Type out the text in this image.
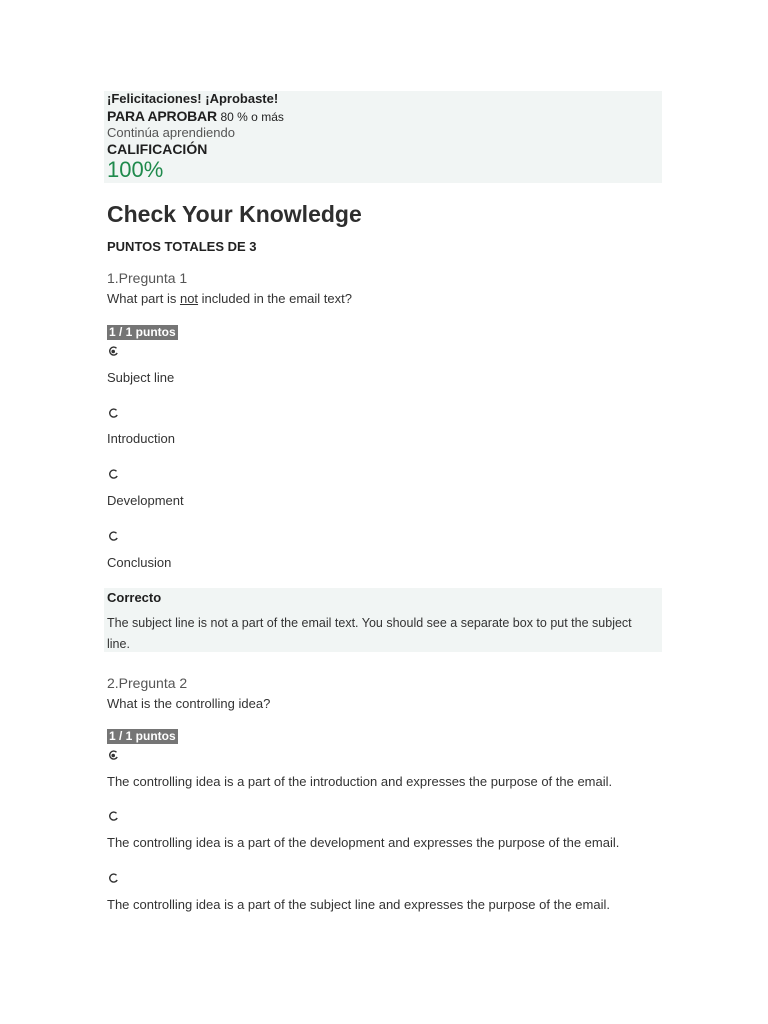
¡Felicitaciones! ¡Aprobaste!
PARA APROBAR 80 % o más
Continúa aprendiendo
CALIFICACIÓN
100%
Check Your Knowledge
PUNTOS TOTALES DE 3
1.Pregunta 1
What part is not included in the email text?
1 / 1 puntos
Subject line
Introduction
Development
Conclusion
Correcto
The subject line is not a part of the email text. You should see a separate box to put the subject line.
2.Pregunta 2
What is the controlling idea?
1 / 1 puntos
The controlling idea is a part of the introduction and expresses the purpose of the email.
The controlling idea is a part of the development and expresses the purpose of the email.
The controlling idea is a part of the subject line and expresses the purpose of the email.
